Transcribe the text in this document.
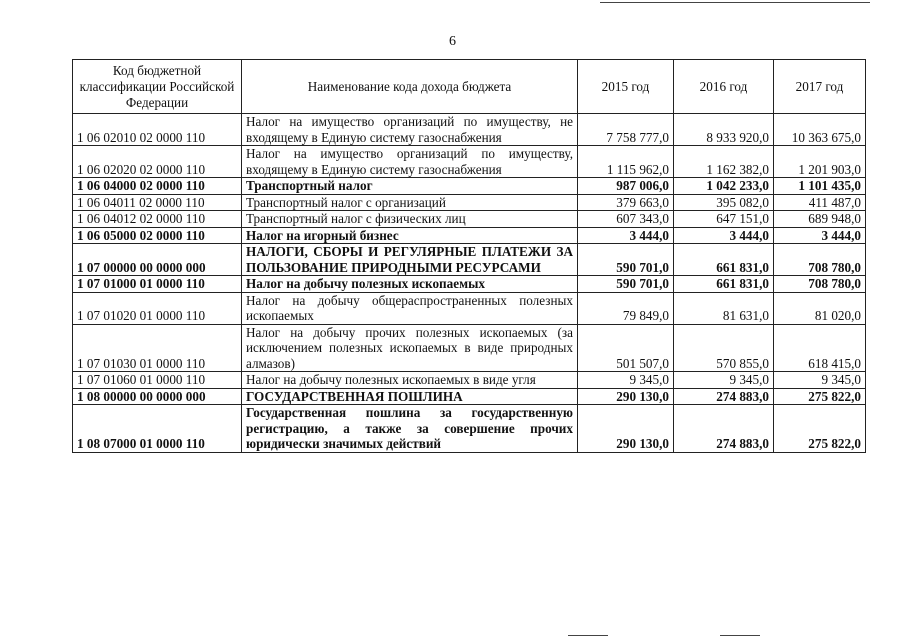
6
Код бюджетной классификации Российской Федерации	Наименование кода дохода бюджета	2015 год	2016 год	2017 год
1 06 02010 02 0000 110	Налог на имущество организаций по имуществу, не входящему в Единую систему газоснабжения	7 758 777,0	8 933 920,0	10 363 675,0
1 06 02020 02 0000 110	Налог на имущество организаций по имуществу, входящему в Единую систему газоснабжения	1 115 962,0	1 162 382,0	1 201 903,0
1 06 04000 02 0000 110	Транспортный налог	987 006,0	1 042 233,0	1 101 435,0
1 06 04011 02 0000 110	Транспортный налог с организаций	379 663,0	395 082,0	411 487,0
1 06 04012 02 0000 110	Транспортный налог с физических лиц	607 343,0	647 151,0	689 948,0
1 06 05000 02 0000 110	Налог на игорный бизнес	3 444,0	3 444,0	3 444,0
1 07 00000 00 0000 000	НАЛОГИ, СБОРЫ И РЕГУЛЯРНЫЕ ПЛАТЕЖИ ЗА ПОЛЬЗОВАНИЕ ПРИРОДНЫМИ РЕСУРСАМИ	590 701,0	661 831,0	708 780,0
1 07 01000 01 0000 110	Налог на добычу полезных ископаемых	590 701,0	661 831,0	708 780,0
1 07 01020 01 0000 110	Налог на добычу общераспространенных полезных ископаемых	79 849,0	81 631,0	81 020,0
1 07 01030 01 0000 110	Налог на добычу прочих полезных ископаемых (за исключением полезных ископаемых в виде природных алмазов)	501 507,0	570 855,0	618 415,0
1 07 01060 01 0000 110	Налог на добычу полезных ископаемых в виде угля	9 345,0	9 345,0	9 345,0
1 08 00000 00 0000 000	ГОСУДАРСТВЕННАЯ ПОШЛИНА	290 130,0	274 883,0	275 822,0
1 08 07000 01 0000 110	Государственная пошлина за государственную регистрацию, а также за совершение прочих юридически значимых действий	290 130,0	274 883,0	275 822,0
